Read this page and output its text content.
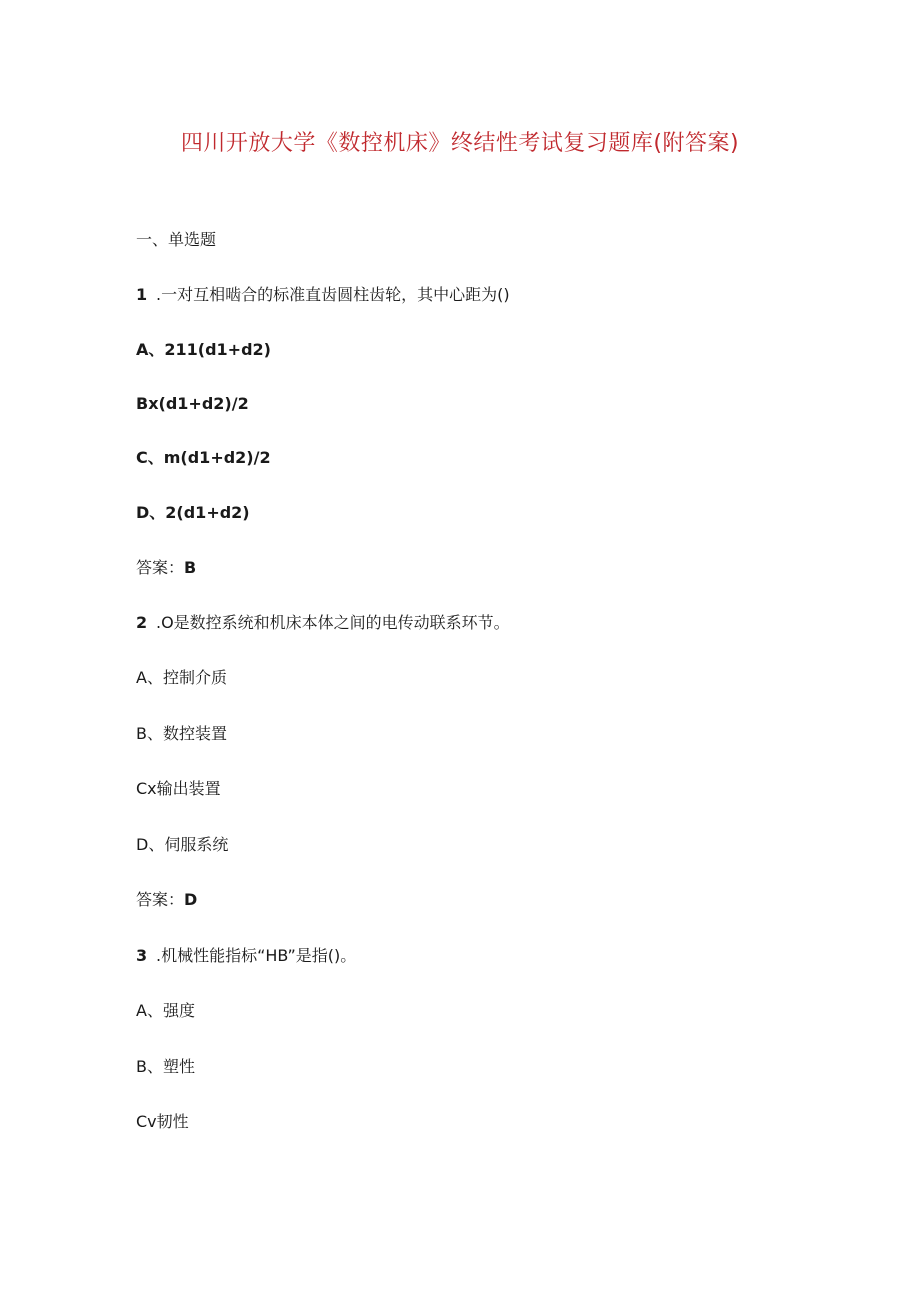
四川开放大学《数控机床》终结性考试复习题库(附答案)
一、单选题
1 .一对互相啮合的标准直齿圆柱齿轮，其中心距为()
A、211(d1+d2)
Bx(d1+d2)/2
C、m(d1+d2)/2
D、2(d1+d2)
答案：B
2 .O是数控系统和机床本体之间的电传动联系环节。
A、控制介质
B、数控装置
Cx输出装置
D、伺服系统
答案：D
3 .机械性能指标“HB”是指()。
A、强度
B、塑性
Cv韧性
